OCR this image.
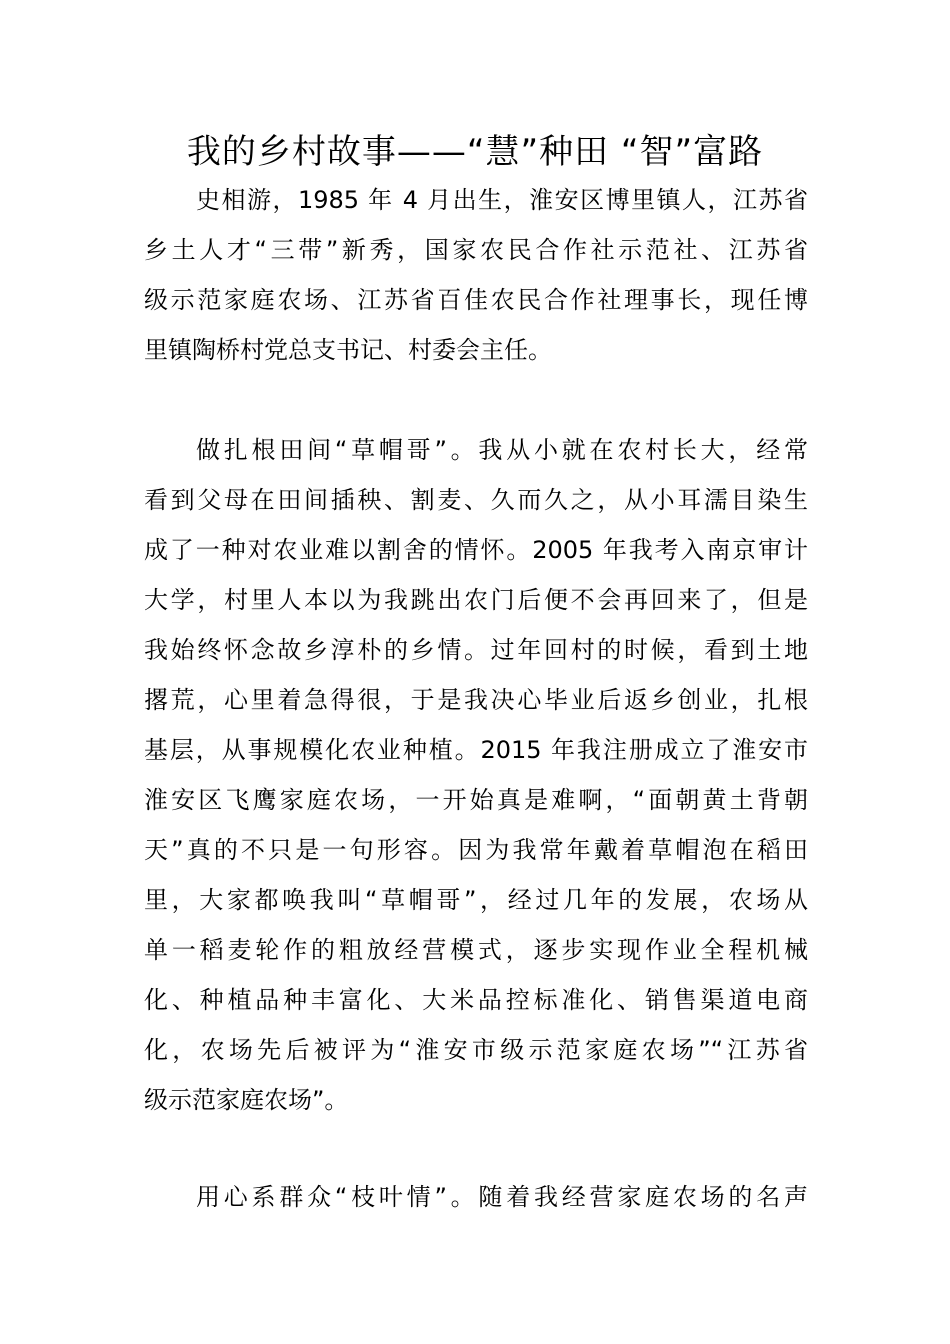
我的乡村故事——“慧”种田 “智”富路
史相游，1985 年 4 月出生，淮安区博里镇人，江苏省
乡土人才“三带”新秀，国家农民合作社示范社、江苏省
级示范家庭农场、江苏省百佳农民合作社理事长，现任博
里镇陶桥村党总支书记、村委会主任。
做扎根田间“草帽哥”。我从小就在农村长大，经常
看到父母在田间插秧、割麦、久而久之，从小耳濡目染生
成了一种对农业难以割舍的情怀。2005 年我考入南京审计
大学，村里人本以为我跳出农门后便不会再回来了，但是
我始终怀念故乡淳朴的乡情。过年回村的时候，看到土地
撂荒，心里着急得很，于是我决心毕业后返乡创业，扎根
基层，从事规模化农业种植。2015 年我注册成立了淮安市
淮安区飞鹰家庭农场，一开始真是难啊，“面朝黄土背朝
天”真的不只是一句形容。因为我常年戴着草帽泡在稻田
里，大家都唤我叫“草帽哥”，经过几年的发展，农场从
单一稻麦轮作的粗放经营模式，逐步实现作业全程机械
化、种植品种丰富化、大米品控标准化、销售渠道电商
化，农场先后被评为“淮安市级示范家庭农场”“江苏省
级示范家庭农场”。
用心系群众“枝叶情”。随着我经营家庭农场的名声
